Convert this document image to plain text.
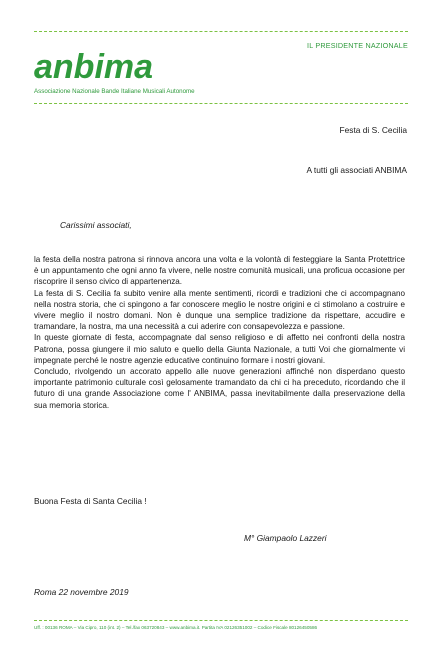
IL PRESIDENTE NAZIONALE
anbima
Associazione Nazionale Bande Italiane Musicali Autonome
Festa di S. Cecilia
A tutti gli associati ANBIMA
Carissimi associati,

la festa della nostra patrona si rinnova ancora una volta e la volontà di festeggiare la Santa Protettrice è un appuntamento che ogni anno fa vivere, nelle nostre comunità musicali, una proficua occasione per riscoprire il senso civico di appartenenza.

La festa di S. Cecilia fa subito venire alla mente sentimenti, ricordi e tradizioni che ci accompagnano nella nostra storia, che ci spingono a far conoscere meglio le nostre origini e ci stimolano a costruire e vivere meglio il nostro domani. Non è dunque una semplice tradizione da rispettare, accudire e tramandare, la nostra, ma una necessità a cui aderire con consapevolezza e passione.

In queste giornate di festa, accompagnate dal senso religioso e di affetto nei confronti della nostra Patrona, possa giungere il mio saluto e quello della Giunta Nazionale, a tutti Voi che giornalmente vi impegnate perché le nostre agenzie educative continuino formare i nostri giovani.

Concludo, rivolgendo un accorato appello alle nuove generazioni affinché non disperdano questo importante patrimonio culturale così gelosamente tramandato da chi ci ha preceduto, ricordando che il futuro di una grande Associazione come l' ANBIMA, passa inevitabilmente dalla preservazione della sua memoria storica.

Buona Festa di Santa Cecilia !
M° Giampaolo Lazzeri
Roma 22 novembre 2019
Uff. : 00136 ROMA – Via Cipro, 110 (int. 2) – Tel./fax 063720843 – www.anbima.it. Partita IVA 02126351002 – Codice Fiscale 80126450586
